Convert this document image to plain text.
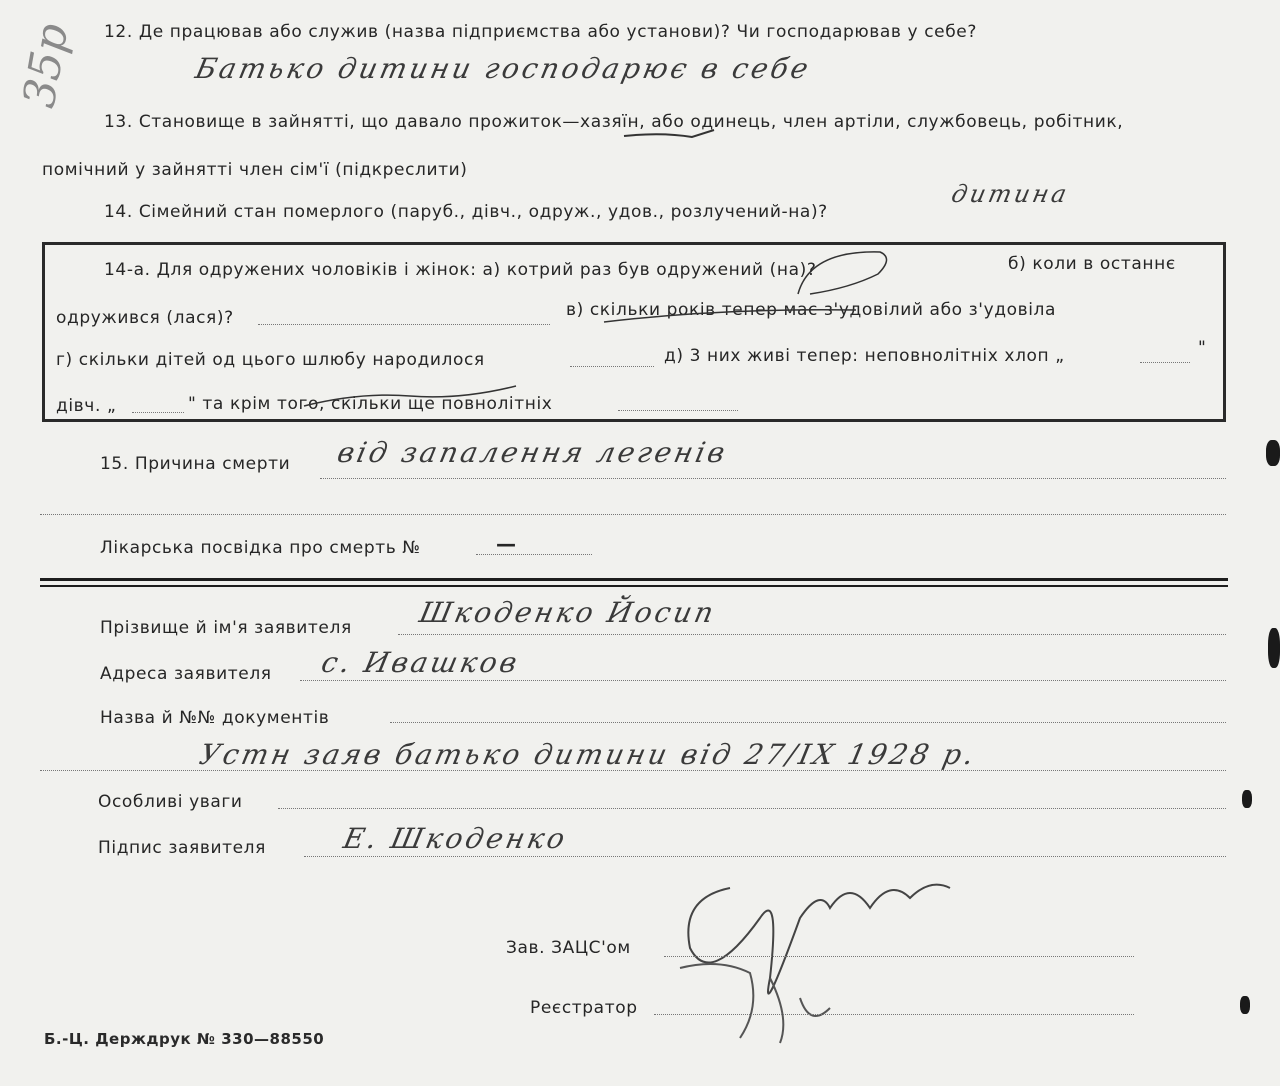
35р 12. Де працював або служив (назва підприємства або установи)? Чи господарював у себе?
Батько дитини господарює в себе
13. Становище в зайнятті, що давало прожиток—хазяїн, або одинець, член артіли, службовець, робітник,
помічний у зайнятті член сім'ї (підкреслити)
14. Сімейний стан померлого (паруб., дівч., одруж., удов., розлучений-на)?
дитина
14-а. Для одружених чоловіків і жінок: а) котрий раз був одружений (на)?	б) коли в останнє
одружився (лася)?	в) скільки років тепер має з'удовілий або з'удовіла
г) скільки дітей од цього шлюбу народилося	д) 3 них живі тепер: неповнолітніх хлоп „	"
дівч. „	" та крім того, скільки ще повнолітніх
15. Причина смерти від запалення легенів
Лікарська посвідка про смерть №	—
Прізвище й ім'я заявителя Шкоденко Йосип
Адреса заявителя с. Ивашков
Назва й №№ документів
Устн заяв батько дитини від 27/IX 1928 р.
Особливі уваги
Підпис заявителя	Е. Шкоденко
Зав. ЗАЦС'ом
Реєстратор
Б.-Ц. Держдрук № 330—88550
